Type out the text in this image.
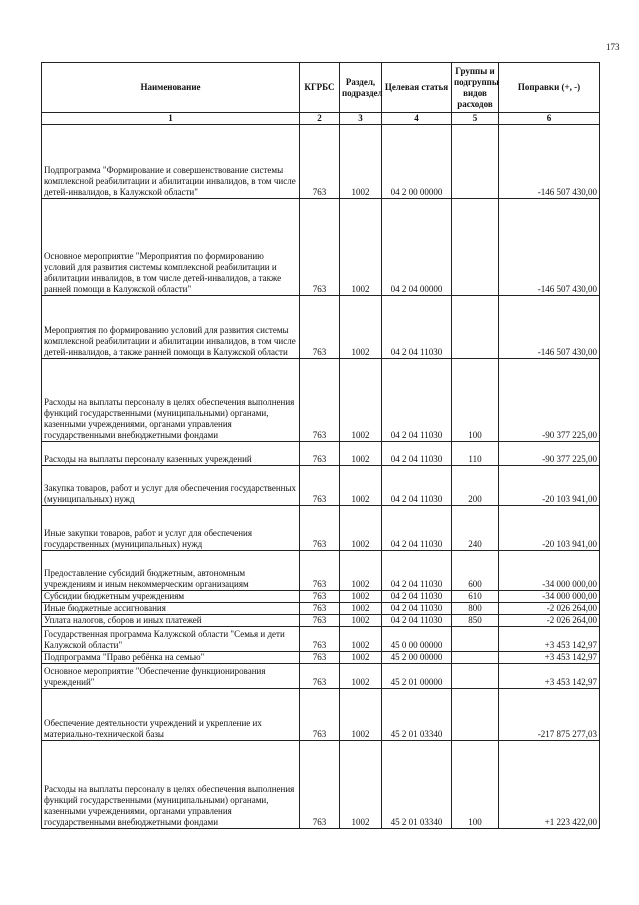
173
Наименование	КГРБС	Раздел, подраздел	Целевая статья	Группы и подгруппы видов расходов	Поправки (+, -)
1	2	3	4	5	6
Подпрограмма "Формирование и совершенствование системы комплексной реабилитации и абилитации инвалидов, в том числе детей-инвалидов, в Калужской области"	763	1002	04 2 00 00000		-146 507 430,00
Основное мероприятие "Мероприятия по формированию условий для развития системы комплексной реабилитации и абилитации инвалидов, в том числе детей-инвалидов, а также ранней помощи в Калужской области"	763	1002	04 2 04 00000		-146 507 430,00
Мероприятия по формированию условий для развития системы комплексной реабилитации и абилитации инвалидов, в том числе детей-инвалидов, а также ранней помощи в Калужской области	763	1002	04 2 04 11030		-146 507 430,00
Расходы на выплаты персоналу в целях обеспечения выполнения функций государственными (муниципальными) органами, казенными учреждениями, органами управления государственными внебюджетными фондами	763	1002	04 2 04 11030	100	-90 377 225,00
Расходы на выплаты персоналу казенных учреждений	763	1002	04 2 04 11030	110	-90 377 225,00
Закупка товаров, работ и услуг для обеспечения государственных (муниципальных) нужд	763	1002	04 2 04 11030	200	-20 103 941,00
Иные закупки товаров, работ и услуг для обеспечения государственных (муниципальных) нужд	763	1002	04 2 04 11030	240	-20 103 941,00
Предоставление субсидий бюджетным, автономным учреждениям и иным некоммерческим организациям	763	1002	04 2 04 11030	600	-34 000 000,00
Субсидии бюджетным учреждениям	763	1002	04 2 04 11030	610	-34 000 000,00
Иные бюджетные ассигнования	763	1002	04 2 04 11030	800	-2 026 264,00
Уплата налогов, сборов и иных платежей	763	1002	04 2 04 11030	850	-2 026 264,00
Государственная программа Калужской области "Семья и дети Калужской области"	763	1002	45 0 00 00000		+3 453 142,97
Подпрограмма "Право ребёнка на семью"	763	1002	45 2 00 00000		+3 453 142,97
Основное мероприятие "Обеспечение функционирования учреждений"	763	1002	45 2 01 00000		+3 453 142,97
Обеспечение деятельности учреждений и укрепление их материально-технической базы	763	1002	45 2 01 03340		-217 875 277,03
Расходы на выплаты персоналу в целях обеспечения выполнения функций государственными (муниципальными) органами, казенными учреждениями, органами управления государственными внебюджетными фондами	763	1002	45 2 01 03340	100	+1 223 422,00
